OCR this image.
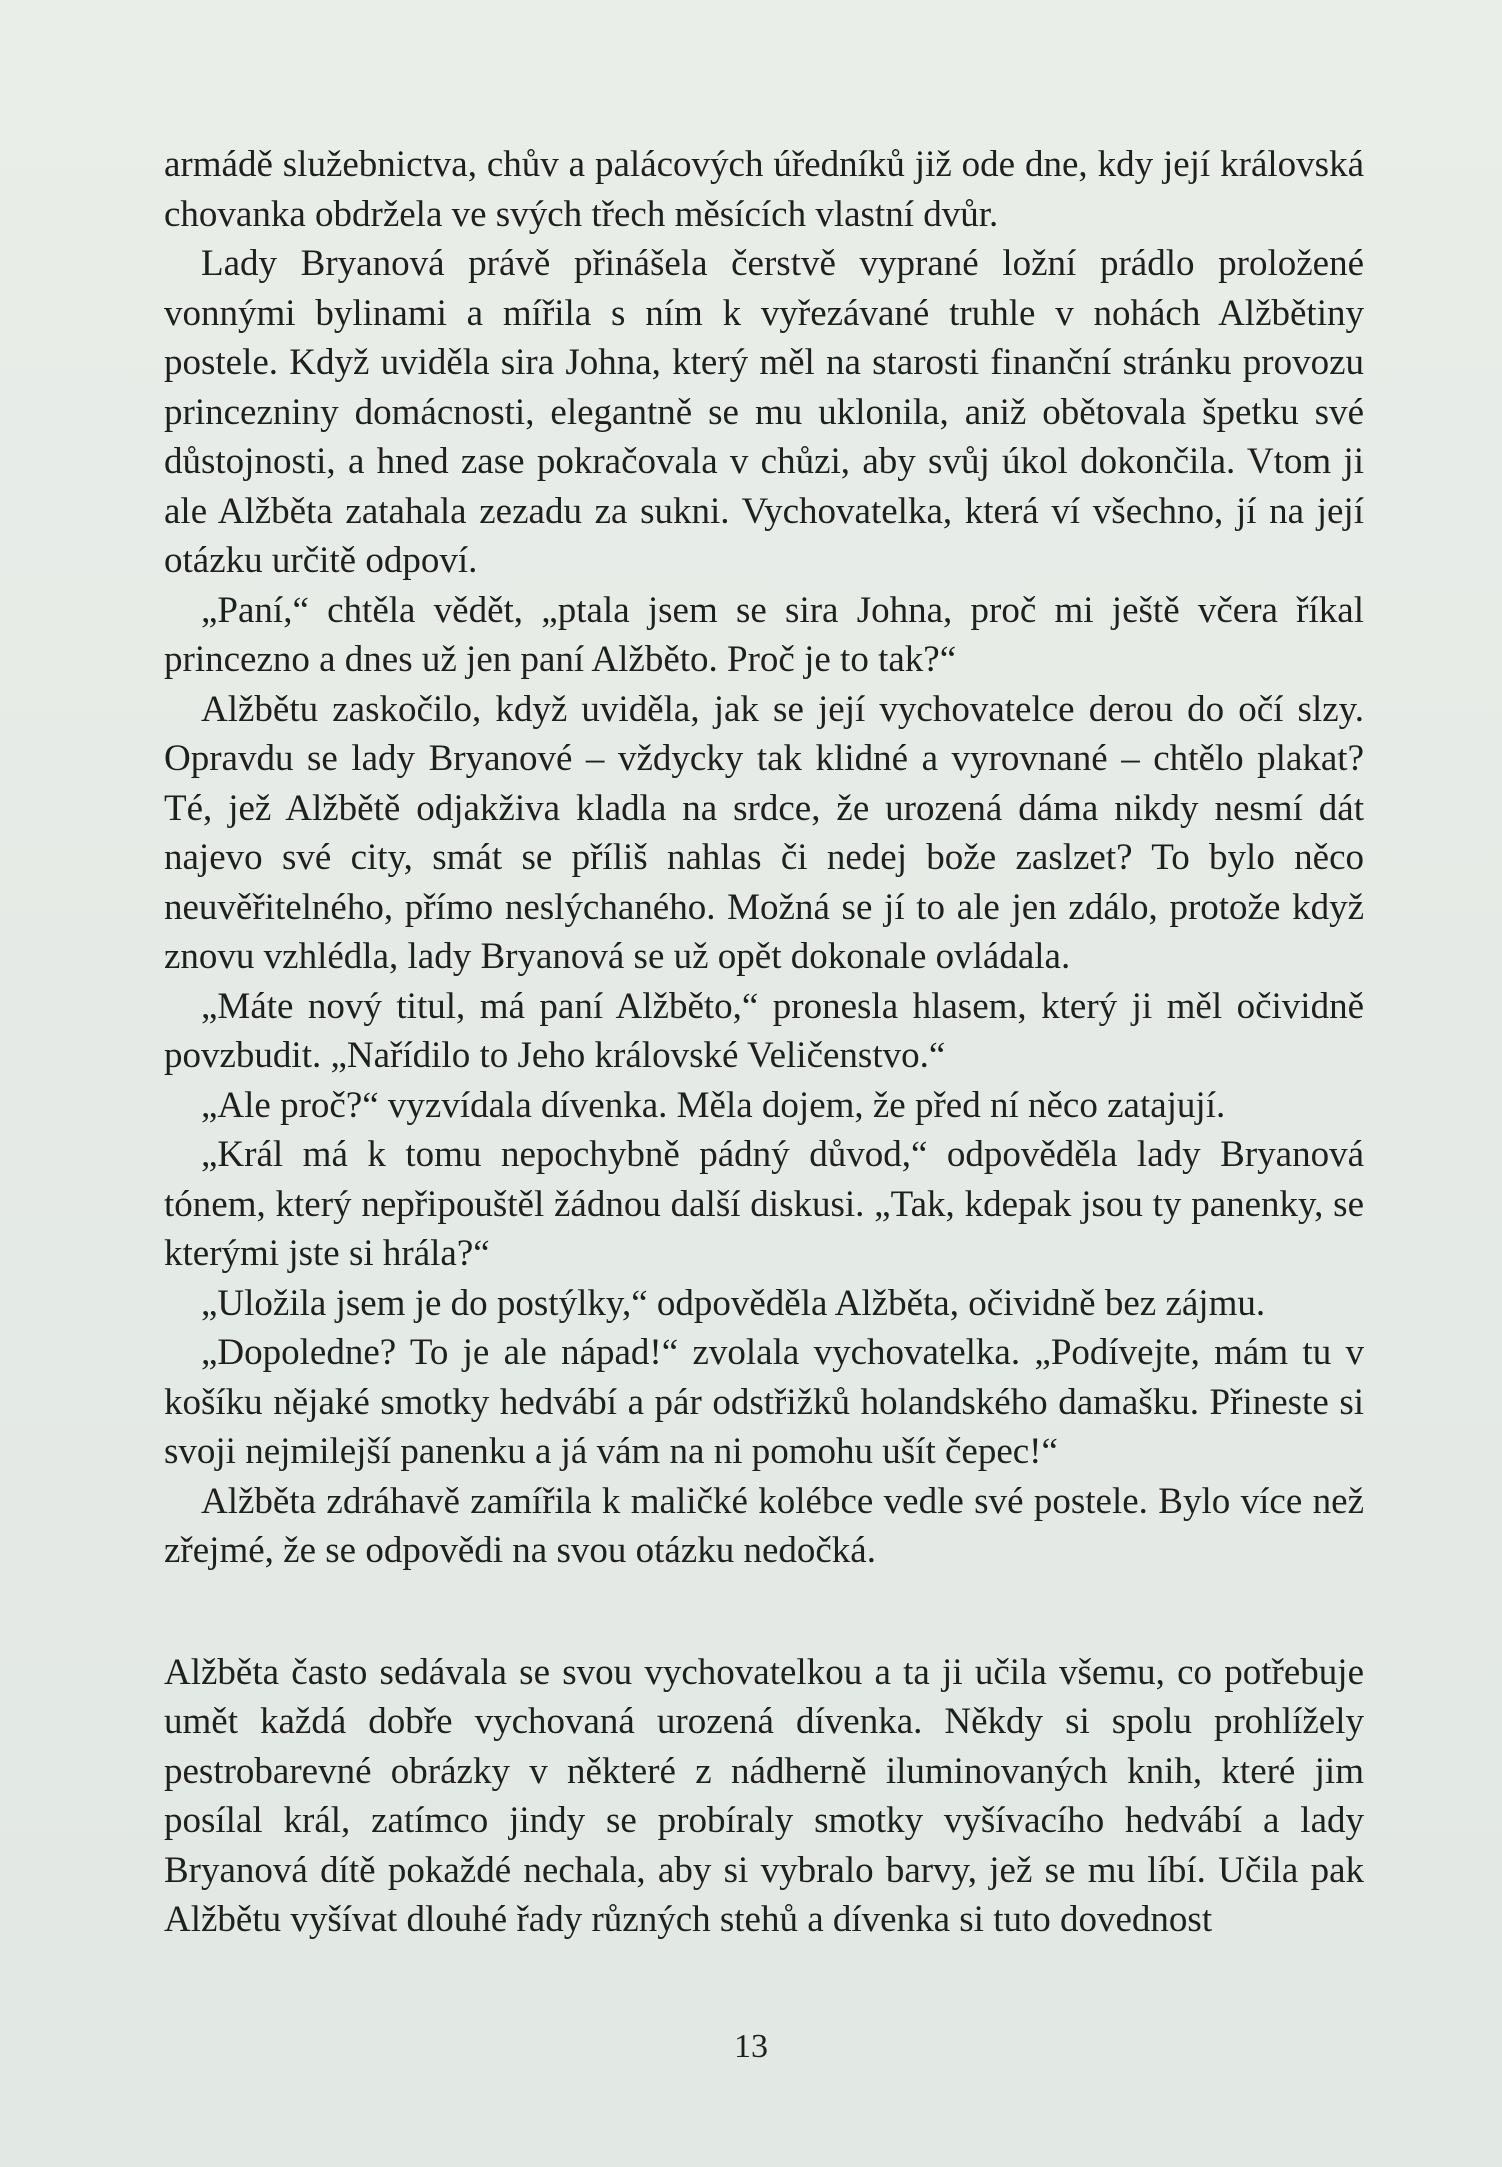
armádě služebnictva, chův a palácových úředníků již ode dne, kdy její královská chovanka obdržela ve svých třech měsících vlastní dvůr.

Lady Bryanová právě přinášela čerstvě vyprané ložní prádlo proložené vonnými bylinami a mířila s ním k vyřezávané truhle v nohách Alžbětiny postele. Když uviděla sira Johna, který měl na starosti finanční stránku provozu princezniny domácnosti, elegantně se mu uklonila, aniž obětovala špetku své důstojnosti, a hned zase pokračovala v chůzi, aby svůj úkol dokončila. Vtom ji ale Alžběta zatahala zezadu za sukni. Vychovatelka, která ví všechno, jí na její otázku určitě odpoví.

„Paní,“ chtěla vědět, „ptala jsem se sira Johna, proč mi ještě včera říkal princezno a dnes už jen paní Alžběto. Proč je to tak?“

Alžbětu zaskočilo, když uviděla, jak se její vychovatelce derou do očí slzy. Opravdu se lady Bryanové – vždycky tak klidné a vyrovnané – chtělo plakat? Té, jež Alžbětě odjakživa kladla na srdce, že urozená dáma nikdy nesmí dát najevo své city, smát se příliš nahlas či nedej bože zaslzet? To bylo něco neuvěřitelného, přímo neslýchaného. Možná se jí to ale jen zdálo, protože když znovu vzhlédla, lady Bryanová se už opět dokonale ovládala.

„Máte nový titul, má paní Alžběto,“ pronesla hlasem, který ji měl očividně povzbudit. „Nařídilo to Jeho královské Veličenstvo.“

„Ale proč?“ vyzvídala dívenka. Měla dojem, že před ní něco zatajují.

„Král má k tomu nepochybně pádný důvod,“ odpověděla lady Bryanová tónem, který nepřipouštěl žádnou další diskusi. „Tak, kdepak jsou ty panenky, se kterými jste si hrála?“

„Uložila jsem je do postýlky,“ odpověděla Alžběta, očividně bez zájmu.

„Dopoledne? To je ale nápad!“ zvolala vychovatelka. „Podívejte, mám tu v košíku nějaké smotky hedvábí a pár odstřižků holandského damašku. Přineste si svoji nejmilejší panenku a já vám na ni pomohu ušít čepec!“

Alžběta zdráhavě zamířila k maličké kolébce vedle své postele. Bylo více než zřejmé, že se odpovědi na svou otázku nedočká.

Alžběta často sedávala se svou vychovatelkou a ta ji učila všemu, co potřebuje umět každá dobře vychovaná urozená dívenka. Někdy si spolu prohlížely pestrobarevné obrázky v některé z nádherně iluminovaných knih, které jim posílal král, zatímco jindy se probíraly smotky vyšívacího hedvábí a lady Bryanová dítě pokaždé nechala, aby si vybralo barvy, jež se mu líbí. Učila pak Alžbětu vyšívat dlouhé řady různých stehů a dívenka si tuto dovednost

13
